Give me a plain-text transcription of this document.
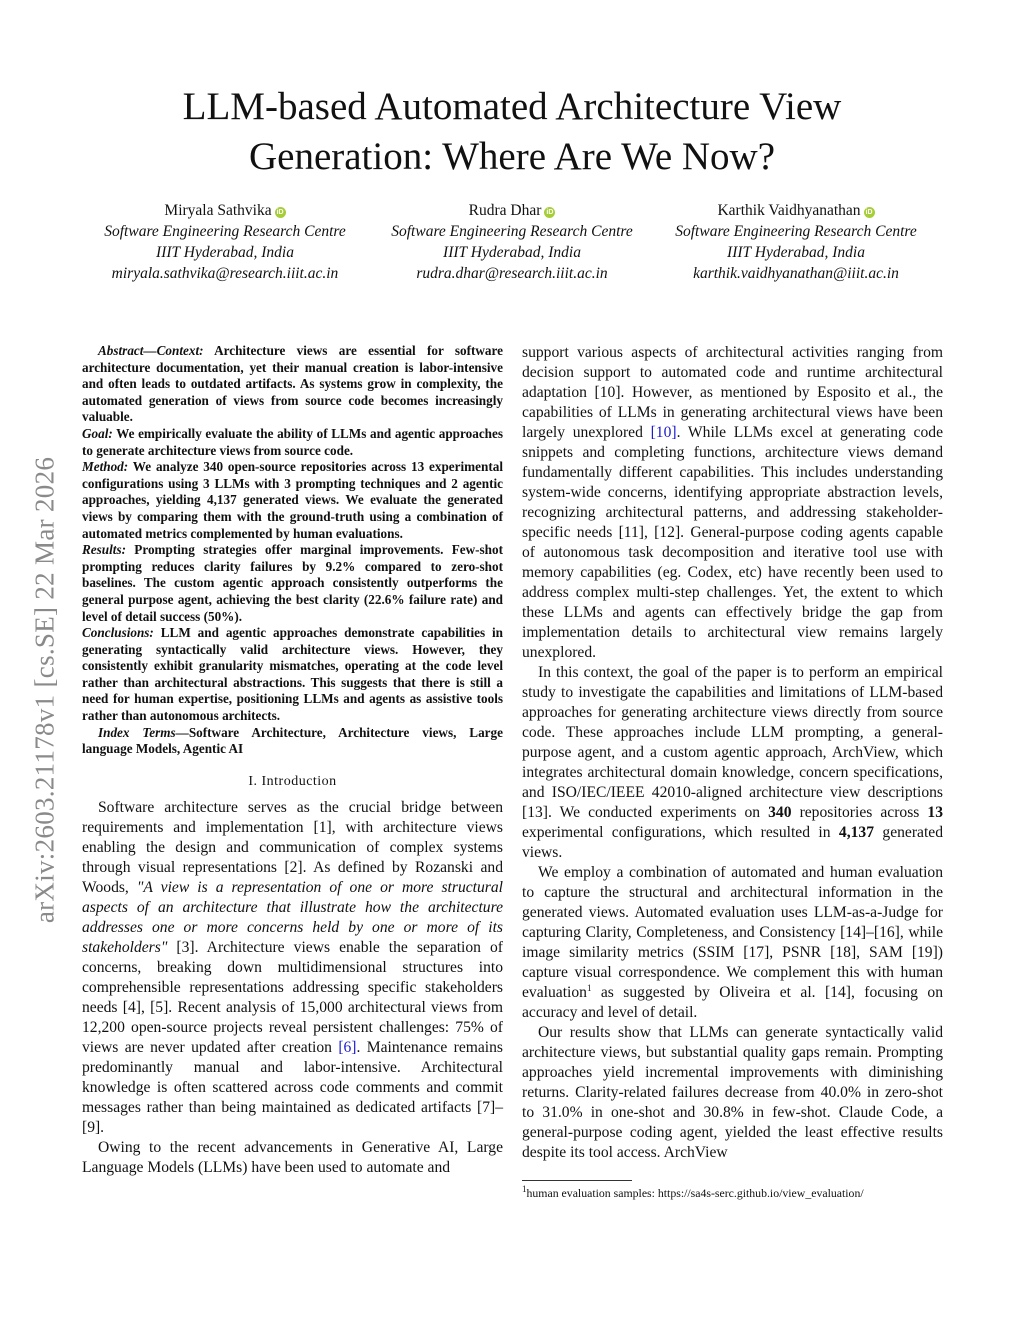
arXiv:2603.21178v1 [cs.SE] 22 Mar 2026
LLM-based Automated Architecture View
Generation: Where Are We Now?
Miryala Sathvika iD
Software Engineering Research Centre
IIIT Hyderabad, India
miryala.sathvika@research.iiit.ac.in
Rudra Dhar iD
Software Engineering Research Centre
IIIT Hyderabad, India
rudra.dhar@research.iiit.ac.in
Karthik Vaidhyanathan iD
Software Engineering Research Centre
IIIT Hyderabad, India
karthik.vaidhyanathan@iiit.ac.in

Abstract—Context: Architecture views are essential for software architecture documentation, yet their manual creation is labor-intensive and often leads to outdated artifacts. As systems grow in complexity, the automated generation of views from source code becomes increasingly valuable.

Goal: We empirically evaluate the ability of LLMs and agentic approaches to generate architecture views from source code.

Method: We analyze 340 open-source repositories across 13 experimental configurations using 3 LLMs with 3 prompting techniques and 2 agentic approaches, yielding 4,137 generated views. We evaluate the generated views by comparing them with the ground-truth using a combination of automated metrics complemented by human evaluations.

Results: Prompting strategies offer marginal improvements. Few-shot prompting reduces clarity failures by 9.2% compared to zero-shot baselines. The custom agentic approach consistently outperforms the general purpose agent, achieving the best clarity (22.6% failure rate) and level of detail success (50%).

Conclusions: LLM and agentic approaches demonstrate capabilities in generating syntactically valid architecture views. However, they consistently exhibit granularity mismatches, operating at the code level rather than architectural abstractions. This suggests that there is still a need for human expertise, positioning LLMs and agents as assistive tools rather than autonomous architects.

Index Terms—Software Architecture, Architecture views, Large language Models, Agentic AI

I. Introduction

Software architecture serves as the crucial bridge between requirements and implementation [1], with architecture views enabling the design and communication of complex systems through visual representations [2]. As defined by Rozanski and Woods, "A view is a representation of one or more structural aspects of an architecture that illustrate how the architecture addresses one or more concerns held by one or more of its stakeholders" [3]. Architecture views enable the separation of concerns, breaking down multidimensional structures into comprehensible representations addressing specific stakeholders needs [4], [5]. Recent analysis of 15,000 architectural views from 12,200 open-source projects reveal persistent challenges: 75% of views are never updated after creation [6]. Maintenance remains predominantly manual and labor-intensive. Architectural knowledge is often scattered across code comments and commit messages rather than being maintained as dedicated artifacts [7]–[9].

Owing to the recent advancements in Generative AI, Large Language Models (LLMs) have been used to automate and

support various aspects of architectural activities ranging from decision support to automated code and runtime architectural adaptation [10]. However, as mentioned by Esposito et al., the capabilities of LLMs in generating architectural views have been largely unexplored [10]. While LLMs excel at generating code snippets and completing functions, architecture views demand fundamentally different capabilities. This includes understanding system-wide concerns, identifying appropriate abstraction levels, recognizing architectural patterns, and addressing stakeholder-specific needs [11], [12]. General-purpose coding agents capable of autonomous task decomposition and iterative tool use with memory capabilities (eg. Codex, etc) have recently been used to address complex multi-step challenges. Yet, the extent to which these LLMs and agents can effectively bridge the gap from implementation details to architectural view remains largely unexplored.

In this context, the goal of the paper is to perform an empirical study to investigate the capabilities and limitations of LLM-based approaches for generating architecture views directly from source code. These approaches include LLM prompting, a general-purpose agent, and a custom agentic approach, ArchView, which integrates architectural domain knowledge, concern specifications, and ISO/IEC/IEEE 42010-aligned architecture view descriptions [13]. We conducted experiments on 340 repositories across 13 experimental configurations, which resulted in 4,137 generated views.

We employ a combination of automated and human evaluation to capture the structural and architectural information in the generated views. Automated evaluation uses LLM-as-a-Judge for capturing Clarity, Completeness, and Consistency [14]–[16], while image similarity metrics (SSIM [17], PSNR [18], SAM [19]) capture visual correspondence. We complement this with human evaluation$^1$ as suggested by Oliveira et al. [14], focusing on accuracy and level of detail.

Our results show that LLMs can generate syntactically valid architecture views, but substantial quality gaps remain. Prompting approaches yield incremental improvements with diminishing returns. Clarity-related failures decrease from 40.0% in zero-shot to 31.0% in one-shot and 30.8% in few-shot. Claude Code, a general-purpose coding agent, yielded the least effective results despite its tool access. ArchView

$^1$human evaluation samples: https://sa4s-serc.github.io/view_evaluation/
